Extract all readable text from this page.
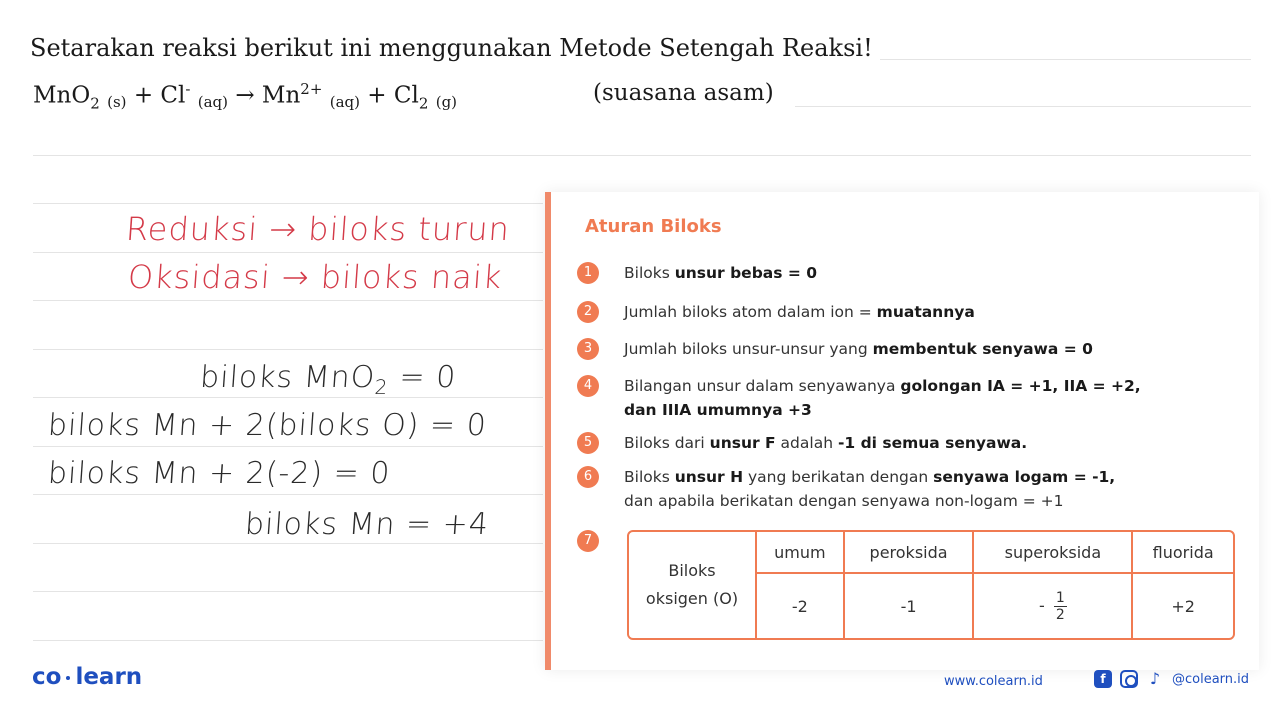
Setarakan reaksi berikut ini menggunakan Metode Setengah Reaksi!
MnO$_2$ (s) + Cl- $(aq) \to Mn^{2+}$ $(aq) + Cl_2$ (g)	(suasana asam)
Reduksi → biloks turun
Oksidasi → biloks naik
biloks MnO$_2$ = 0
biloks Mn + 2(biloks O) = 0
biloks Mn + 2(-2) = 0
biloks Mn = +4
Aturan Biloks
1	Biloks unsur bebas = 0
2	Jumlah biloks atom dalam ion = muatannya
3	Jumlah biloks unsur-unsur yang membentuk senyawa = 0
4	Bilangan unsur dalam senyawanya golongan IA = +1, IIA = +2, dan IIIA umumnya +3
5	Biloks dari unsur F adalah -1 di semua senyawa.
6	Biloks unsur H yang berikatan dengan senyawa logam = -1,
dan apabila berikatan dengan senyawa non-logam = +1
7
Biloks
oksigen (O)	umum	peroksida	superoksida	fluorida
	-2	-1	- $\frac{1}{2}$	+2
co learn	www.colearn.id	f	♪ @colearn.id
